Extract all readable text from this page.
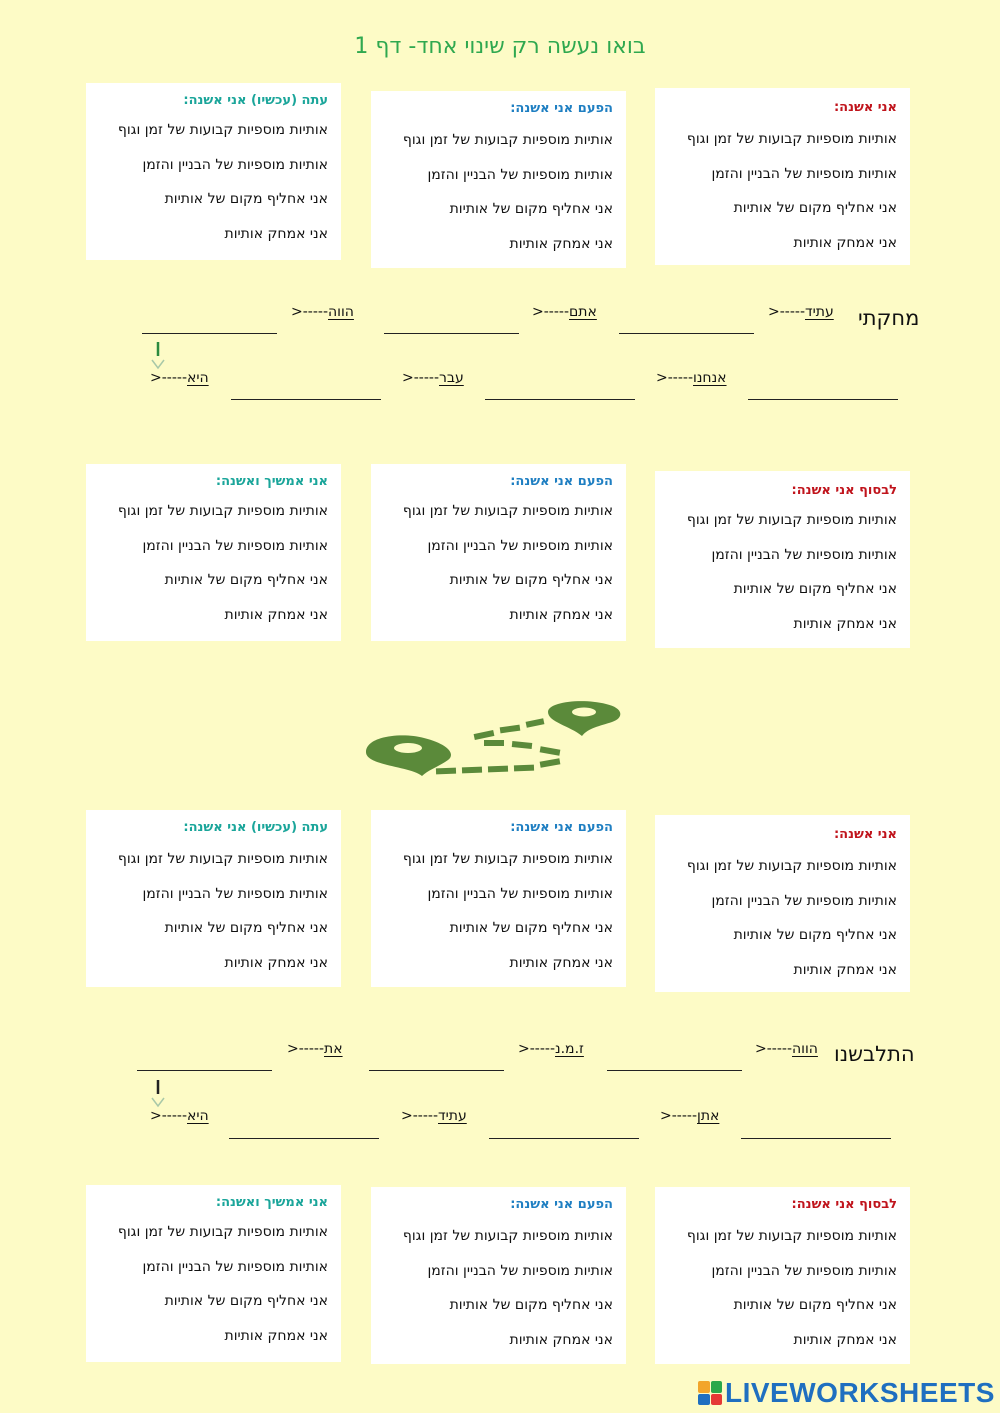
בואו נעשה רק שינוי אחד- דף 1
אני אשנה:
אותיות מוספיות קבועות של זמן וגוף
אותיות מוספיות של הבניין והזמן
אני אחליף מקום של אותיות
אני אמחק אותיות
הפעם אני אשנה:
אותיות מוספיות קבועות של זמן וגוף
אותיות מוספיות של הבניין והזמן
אני אחליף מקום של אותיות
אני אמחק אותיות
עתה (עכשיו) אני אשנה:
אותיות מוספיות קבועות של זמן וגוף
אותיות מוספיות של הבניין והזמן
אני אחליף מקום של אותיות
אני אמחק אותיות
מחקתי
עתיד-----<
אתם-----<
הווה-----<
אנחנו-----<
עבר-----<
היא-----<
לבסוף אני אשנה:
אותיות מוספיות קבועות של זמן וגוף
אותיות מוספיות של הבניין והזמן
אני אחליף מקום של אותיות
אני אמחק אותיות
הפעם אני אשנה:
אותיות מוספיות קבועות של זמן וגוף
אותיות מוספיות של הבניין והזמן
אני אחליף מקום של אותיות
אני אמחק אותיות
אני אמשיך ואשנה:
אותיות מוספיות קבועות של זמן וגוף
אותיות מוספיות של הבניין והזמן
אני אחליף מקום של אותיות
אני אמחק אותיות
אני אשנה:
אותיות מוספיות קבועות של זמן וגוף
אותיות מוספיות של הבניין והזמן
אני אחליף מקום של אותיות
אני אמחק אותיות
הפעם אני אשנה:
אותיות מוספיות קבועות של זמן וגוף
אותיות מוספיות של הבניין והזמן
אני אחליף מקום של אותיות
אני אמחק אותיות
עתה (עכשיו) אני אשנה:
אותיות מוספיות קבועות של זמן וגוף
אותיות מוספיות של הבניין והזמן
אני אחליף מקום של אותיות
אני אמחק אותיות
התלבשנו
הווה-----<
ז.מ.נ-----<
את-----<
אתן-----<
עתיד-----<
היא-----<
לבסוף אני אשנה:
אותיות מוספיות קבועות של זמן וגוף
אותיות מוספיות של הבניין והזמן
אני אחליף מקום של אותיות
אני אמחק אותיות
הפעם אני אשנה:
אותיות מוספיות קבועות של זמן וגוף
אותיות מוספיות של הבניין והזמן
אני אחליף מקום של אותיות
אני אמחק אותיות
אני אמשיך ואשנה:
אותיות מוספיות קבועות של זמן וגוף
אותיות מוספיות של הבניין והזמן
אני אחליף מקום של אותיות
אני אמחק אותיות
LIVEWORKSHEETS
